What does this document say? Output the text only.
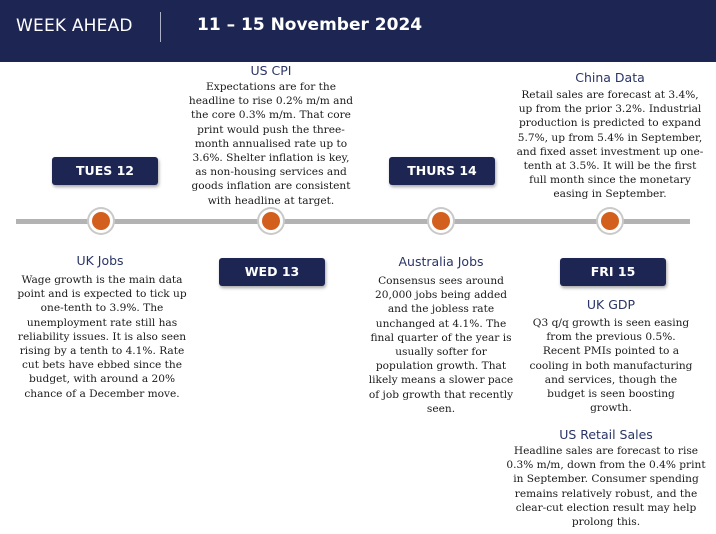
WEEK AHEAD	11 – 15 November 2024
US CPI
Expectations are for the headline to rise 0.2% m/m and the core 0.3% m/m. That core print would push the three-month annualised rate up to 3.6%. Shelter inflation is key, as non-housing services and goods inflation are consistent with headline at target.
China Data
Retail sales are forecast at 3.4%, up from the prior 3.2%. Industrial production is predicted to expand 5.7%, up from 5.4% in September, and fixed asset investment up one-tenth at 3.5%. It will be the first full month since the monetary easing in September.
TUES 12	THURS 14
WED 13	FRI 15
UK Jobs
Wage growth is the main data point and is expected to tick up one-tenth to 3.9%. The unemployment rate still has reliability issues. It is also seen rising by a tenth to 4.1%. Rate cut bets have ebbed since the budget, with around a 20% chance of a December move.
Australia Jobs
Consensus sees around 20,000 jobs being added and the jobless rate unchanged at 4.1%. The final quarter of the year is usually softer for population growth. That likely means a slower pace of job growth that recently seen.
UK GDP
Q3 q/q growth is seen easing from the previous 0.5%. Recent PMIs pointed to a cooling in both manufacturing and services, though the budget is seen boosting growth.
US Retail Sales
Headline sales are forecast to rise 0.3% m/m, down from the 0.4% print in September. Consumer spending remains relatively robust, and the clear-cut election result may help prolong this.
